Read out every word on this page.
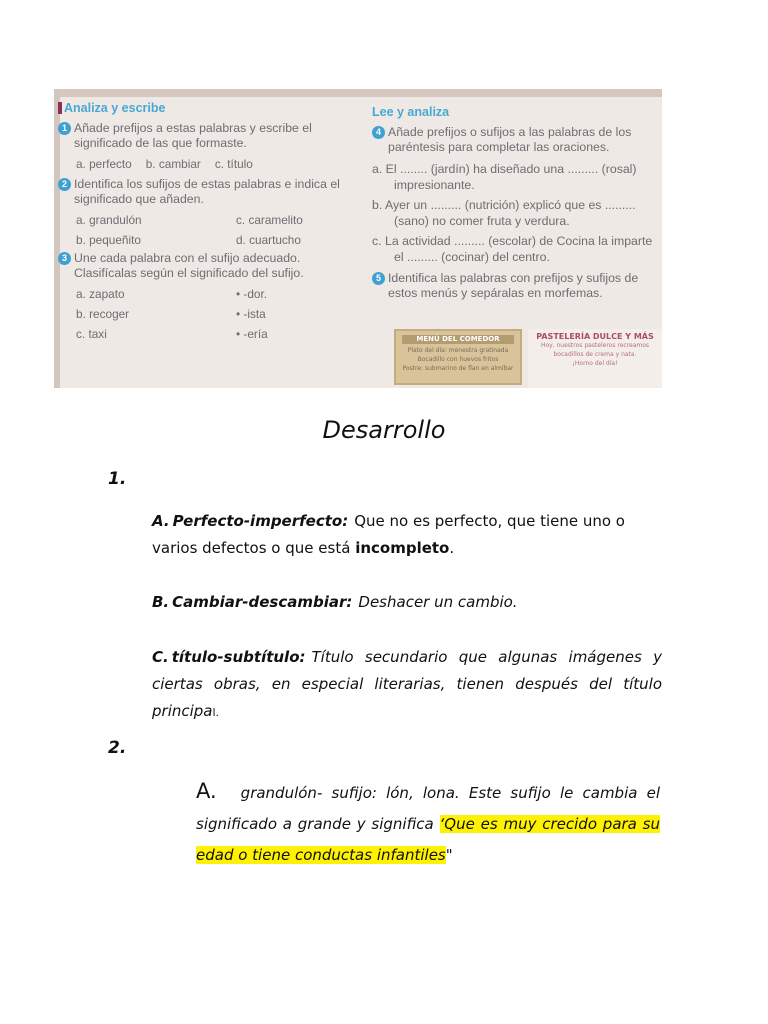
Analiza y escribe
1 Añade prefijos a estas palabras y escribe el significado de las que formaste.
a. perfecto b. cambiar c. título
2 Identifica los sufijos de estas palabras e indica el significado que añaden.
a. grandulón	c. caramelito
b. pequeñito	d. cuartucho
3 Une cada palabra con el sufijo adecuado. Clasifícalas según el significado del sufijo.
a. zapato	• -dor.
b. recoger	• -ista
c. taxi	• -ería
Lee y analiza
4 Añade prefijos o sufijos a las palabras de los paréntesis para completar las oraciones.
a. El ........ (jardín) ha diseñado una ......... (rosal) impresionante.
b. Ayer un ......... (nutrición) explicó que es ......... (sano) no comer fruta y verdura.
c. La actividad ......... (escolar) de Cocina la imparte el ......... (cocinar) del centro.
5 Identifica las palabras con prefijos y sufijos de estos menús y sepáralas en morfemas.
MENÚ DEL COMEDOR
Plato del día: menestra gratinada
Bocadillo con huevos fritos
Postre: submarino de flan en almíbar
PASTELERÍA DULCE Y MÁS
Hoy, nuestros pasteleros recreamos
bocadillos de crema y nata.
¡Horno del día!
Desarrollo
1.
A. Perfecto-imperfecto: Que no es perfecto, que tiene uno o varios defectos o que está incompleto.
B. Cambiar-descambiar: Deshacer un cambio.
C. título-subtítulo: Título secundario que algunas imágenes y ciertas obras, en especial literarias, tienen después del título principal.
2.
A. grandulón- sufijo: lón, lona. Este sufijo le cambia el significado a grande y significa ‘Que es muy crecido para su edad o tiene conductas infantiles"
